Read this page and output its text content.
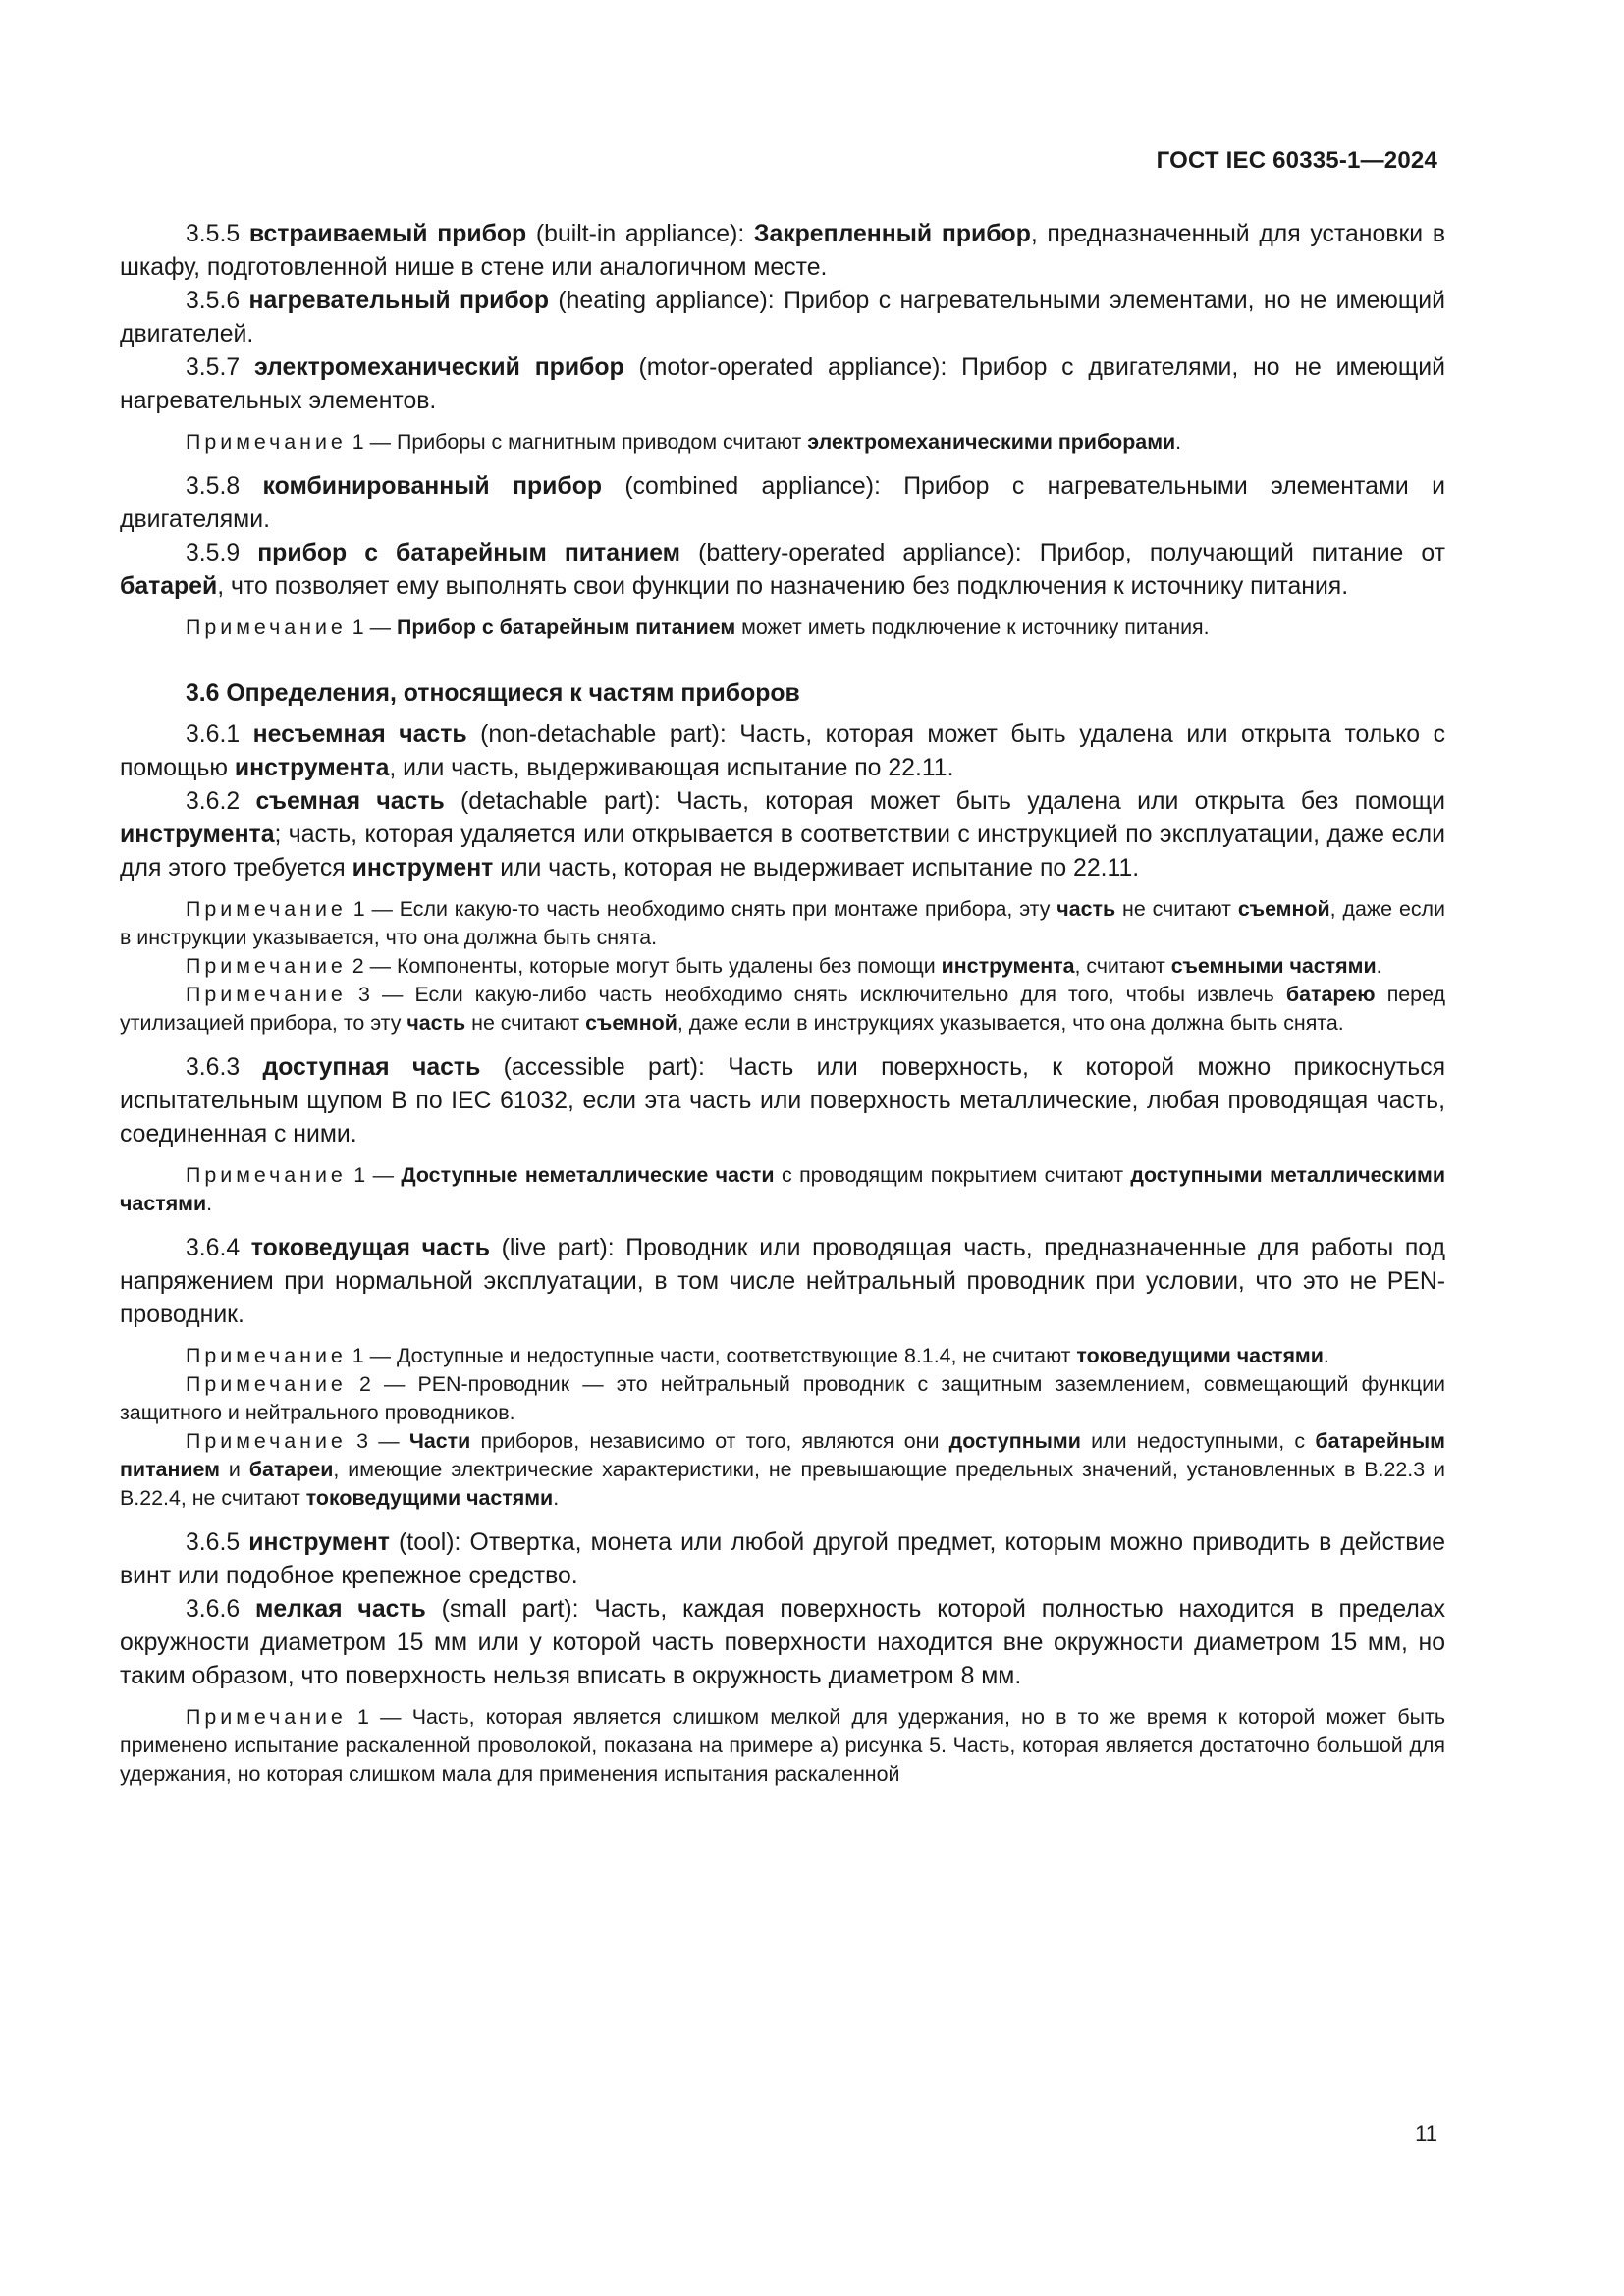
ГОСТ IEC 60335-1—2024

3.5.5 встраиваемый прибор (built-in appliance): Закрепленный прибор, предназначенный для установки в шкафу, подготовленной нише в стене или аналогичном месте.

3.5.6 нагревательный прибор (heating appliance): Прибор с нагревательными элементами, но не имеющий двигателей.

3.5.7 электромеханический прибор (motor-operated appliance): Прибор с двигателями, но не имеющий нагревательных элементов.

Примечание 1 — Приборы с магнитным приводом считают электромеханическими приборами.

3.5.8 комбинированный прибор (combined appliance): Прибор с нагревательными элементами и двигателями.

3.5.9 прибор с батарейным питанием (battery-operated appliance): Прибор, получающий питание от батарей, что позволяет ему выполнять свои функции по назначению без подключения к источнику питания.

Примечание 1 — Прибор с батарейным питанием может иметь подключение к источнику питания.

3.6 Определения, относящиеся к частям приборов

3.6.1 несъемная часть (non-detachable part): Часть, которая может быть удалена или открыта только с помощью инструмента, или часть, выдерживающая испытание по 22.11.

3.6.2 съемная часть (detachable part): Часть, которая может быть удалена или открыта без помощи инструмента; часть, которая удаляется или открывается в соответствии с инструкцией по эксплуатации, даже если для этого требуется инструмент или часть, которая не выдерживает испытание по 22.11.

Примечание 1 — Если какую-то часть необходимо снять при монтаже прибора, эту часть не считают съемной, даже если в инструкции указывается, что она должна быть снята.

Примечание 2 — Компоненты, которые могут быть удалены без помощи инструмента, считают съемными частями.

Примечание 3 — Если какую-либо часть необходимо снять исключительно для того, чтобы извлечь батарею перед утилизацией прибора, то эту часть не считают съемной, даже если в инструкциях указывается, что она должна быть снята.

3.6.3 доступная часть (accessible part): Часть или поверхность, к которой можно прикоснуться испытательным щупом В по IEC 61032, если эта часть или поверхность металлические, любая проводящая часть, соединенная с ними.

Примечание 1 — Доступные неметаллические части с проводящим покрытием считают доступными металлическими частями.

3.6.4 токоведущая часть (live part): Проводник или проводящая часть, предназначенные для работы под напряжением при нормальной эксплуатации, в том числе нейтральный проводник при условии, что это не PEN-проводник.

Примечание 1 — Доступные и недоступные части, соответствующие 8.1.4, не считают токоведущими частями.

Примечание 2 — PEN-проводник — это нейтральный проводник с защитным заземлением, совмещающий функции защитного и нейтрального проводников.

Примечание 3 — Части приборов, независимо от того, являются они доступными или недоступными, с батарейным питанием и батареи, имеющие электрические характеристики, не превышающие предельных значений, установленных в В.22.3 и В.22.4, не считают токоведущими частями.

3.6.5 инструмент (tool): Отвертка, монета или любой другой предмет, которым можно приводить в действие винт или подобное крепежное средство.

3.6.6 мелкая часть (small part): Часть, каждая поверхность которой полностью находится в пределах окружности диаметром 15 мм или у которой часть поверхности находится вне окружности диаметром 15 мм, но таким образом, что поверхность нельзя вписать в окружность диаметром 8 мм.

Примечание 1 — Часть, которая является слишком мелкой для удержания, но в то же время к которой может быть применено испытание раскаленной проволокой, показана на примере а) рисунка 5. Часть, которая является достаточно большой для удержания, но которая слишком мала для применения испытания раскаленной

11
